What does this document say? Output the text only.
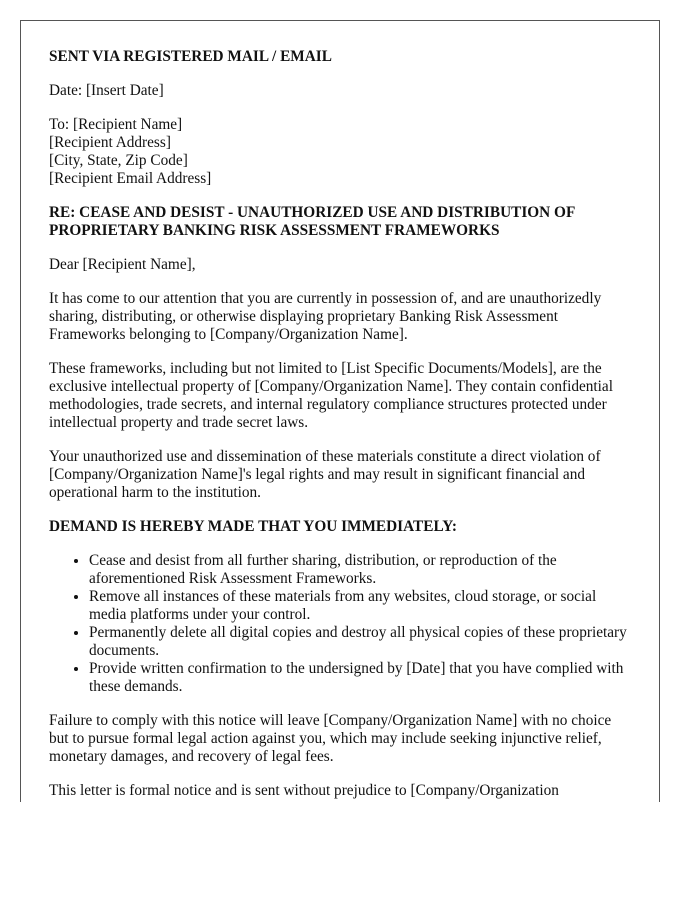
SENT VIA REGISTERED MAIL / EMAIL

Date: [Insert Date]

To: [Recipient Name]
[Recipient Address]
[City, State, Zip Code]
[Recipient Email Address]

RE: CEASE AND DESIST - UNAUTHORIZED USE AND DISTRIBUTION OF PROPRIETARY BANKING RISK ASSESSMENT FRAMEWORKS

Dear [Recipient Name],

It has come to our attention that you are currently in possession of, and are unauthorizedly sharing, distributing, or otherwise displaying proprietary Banking Risk Assessment Frameworks belonging to [Company/Organization Name].

These frameworks, including but not limited to [List Specific Documents/Models], are the exclusive intellectual property of [Company/Organization Name]. They contain confidential methodologies, trade secrets, and internal regulatory compliance structures protected under intellectual property and trade secret laws.

Your unauthorized use and dissemination of these materials constitute a direct violation of [Company/Organization Name]'s legal rights and may result in significant financial and operational harm to the institution.

DEMAND IS HEREBY MADE THAT YOU IMMEDIATELY:

• Cease and desist from all further sharing, distribution, or reproduction of the aforementioned Risk Assessment Frameworks.
• Remove all instances of these materials from any websites, cloud storage, or social media platforms under your control.
• Permanently delete all digital copies and destroy all physical copies of these proprietary documents.
• Provide written confirmation to the undersigned by [Date] that you have complied with these demands.

Failure to comply with this notice will leave [Company/Organization Name] with no choice but to pursue formal legal action against you, which may include seeking injunctive relief, monetary damages, and recovery of legal fees.

This letter is formal notice and is sent without prejudice to [Company/Organization
